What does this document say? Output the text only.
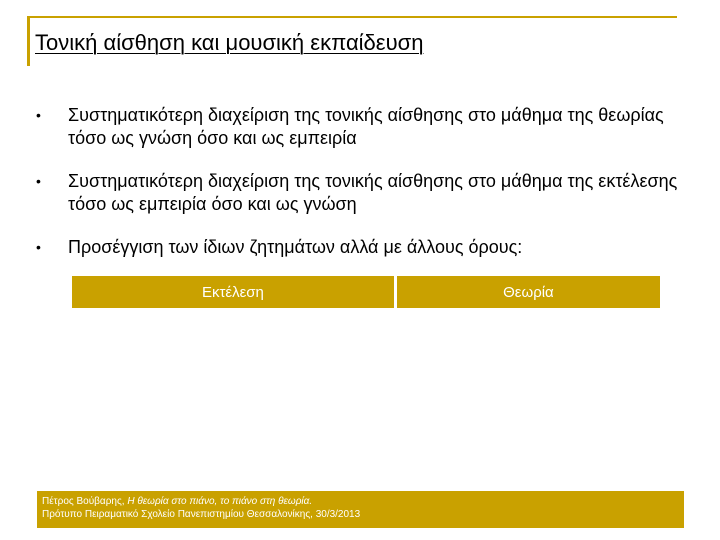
Τονική αίσθηση και μουσική εκπαίδευση
• Συστηματικότερη διαχείριση της τονικής αίσθησης στο μάθημα της θεωρίας τόσο ως γνώση όσο και ως εμπειρία
• Συστηματικότερη διαχείριση της τονικής αίσθησης στο μάθημα της εκτέλεσης τόσο ως εμπειρία όσο και ως γνώση
• Προσέγγιση των ίδιων ζητημάτων αλλά με άλλους όρους:
Εκτέλεση		Θεωρία
Πέτρος Βούβαρης, Η θεωρία στο πιάνο, το πιάνο στη θεωρία.
Πρότυπο Πειραματικό Σχολείο Πανεπιστημίου Θεσσαλονίκης, 30/3/2013
